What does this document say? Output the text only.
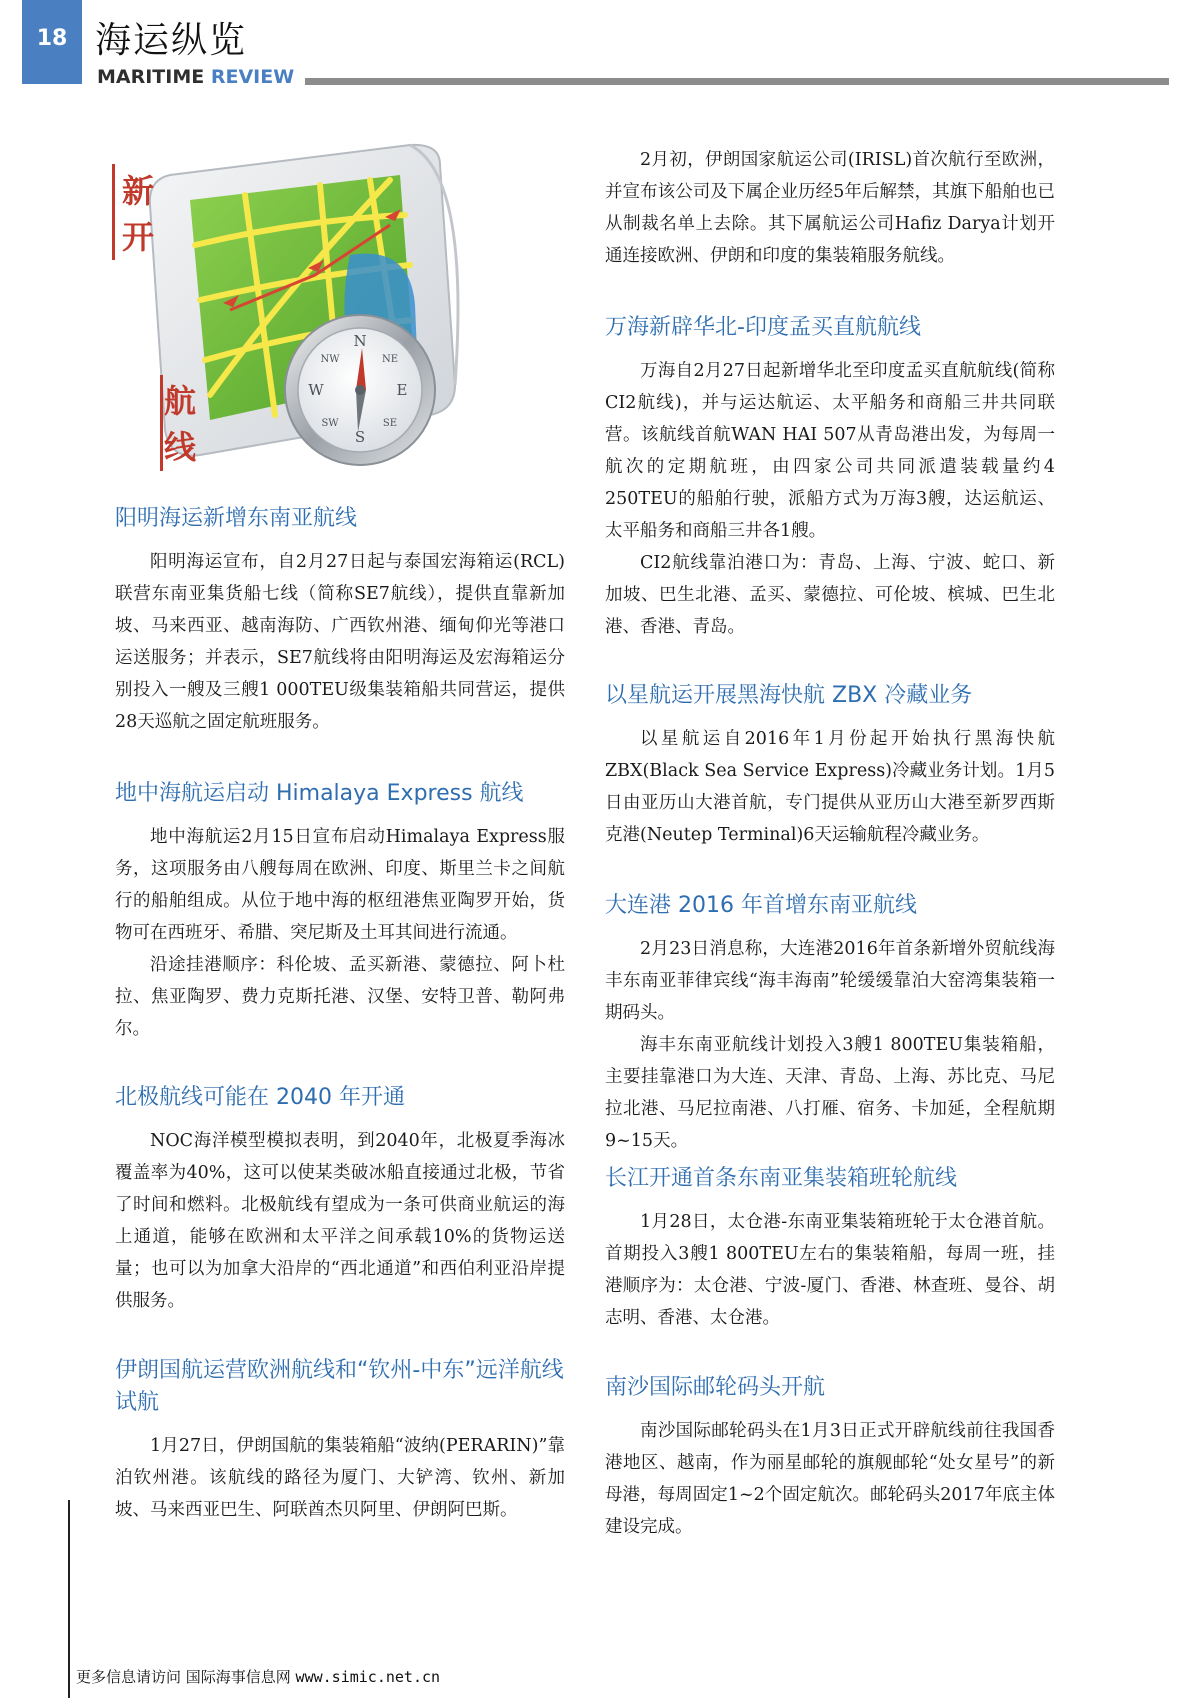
18 海运纵览
MARITIME REVIEW
N
NE
E
SE
S
SW
W
NW
新
开
航
线
阳明海运新增东南亚航线

阳明海运宣布，自2月27日起与泰国宏海箱运(RCL)联营东南亚集货船七线（简称SE7航线），提供直靠新加坡、马来西亚、越南海防、广西钦州港、缅甸仰光等港口运送服务；并表示，SE7航线将由阳明海运及宏海箱运分别投入一艘及三艘1 000TEU级集装箱船共同营运，提供28天巡航之固定航班服务。

地中海航运启动 Himalaya Express 航线

地中海航运2月15日宣布启动Himalaya Express服务，这项服务由八艘每周在欧洲、印度、斯里兰卡之间航行的船舶组成。从位于地中海的枢纽港焦亚陶罗开始，货物可在西班牙、希腊、突尼斯及土耳其间进行流通。

沿途挂港顺序：科伦坡、孟买新港、蒙德拉、阿卜杜拉、焦亚陶罗、费力克斯托港、汉堡、安特卫普、勒阿弗尔。

北极航线可能在 2040 年开通

NOC海洋模型模拟表明，到2040年，北极夏季海冰覆盖率为40%，这可以使某类破冰船直接通过北极，节省了时间和燃料。北极航线有望成为一条可供商业航运的海上通道，能够在欧洲和太平洋之间承载10%的货物运送量；也可以为加拿大沿岸的“西北通道”和西伯利亚沿岸提供服务。

伊朗国航运营欧洲航线和“钦州-中东”远洋航线试航

1月27日，伊朗国航的集装箱船“波纳(PERARIN)”靠泊钦州港。该航线的路径为厦门、大铲湾、钦州、新加坡、马来西亚巴生、阿联酋杰贝阿里、伊朗阿巴斯。

2月初，伊朗国家航运公司(IRISL)首次航行至欧洲，并宣布该公司及下属企业历经5年后解禁，其旗下船舶也已从制裁名单上去除。其下属航运公司Hafiz Darya计划开通连接欧洲、伊朗和印度的集装箱服务航线。

万海新辟华北-印度孟买直航航线

万海自2月27日起新增华北至印度孟买直航航线(简称CI2航线)，并与运达航运、太平船务和商船三井共同联营。该航线首航WAN HAI 507从青岛港出发，为每周一航次的定期航班，由四家公司共同派遣装载量约4 250TEU的船舶行驶，派船方式为万海3艘，达运航运、太平船务和商船三井各1艘。

CI2航线靠泊港口为：青岛、上海、宁波、蛇口、新加坡、巴生北港、孟买、蒙德拉、可伦坡、槟城、巴生北港、香港、青岛。

以星航运开展黑海快航 ZBX 冷藏业务

以星航运自2016年1月份起开始执行黑海快航ZBX(Black Sea Service Express)冷藏业务计划。1月5日由亚历山大港首航，专门提供从亚历山大港至新罗西斯克港(Neutep Terminal)6天运输航程冷藏业务。

大连港 2016 年首增东南亚航线

2月23日消息称，大连港2016年首条新增外贸航线海丰东南亚菲律宾线“海丰海南”轮缓缓靠泊大窑湾集装箱一期码头。

海丰东南亚航线计划投入3艘1 800TEU集装箱船，主要挂靠港口为大连、天津、青岛、上海、苏比克、马尼拉北港、马尼拉南港、八打雁、宿务、卡加延，全程航期9~15天。

长江开通首条东南亚集装箱班轮航线

1月28日，太仓港-东南亚集装箱班轮于太仓港首航。首期投入3艘1 800TEU左右的集装箱船，每周一班，挂港顺序为：太仓港、宁波-厦门、香港、林查班、曼谷、胡志明、香港、太仓港。

南沙国际邮轮码头开航

南沙国际邮轮码头在1月3日正式开辟航线前往我国香港地区、越南，作为丽星邮轮的旗舰邮轮“处女星号”的新母港，每周固定1~2个固定航次。邮轮码头2017年底主体建设完成。

更多信息请访问 国际海事信息网 www.simic.net.cn
